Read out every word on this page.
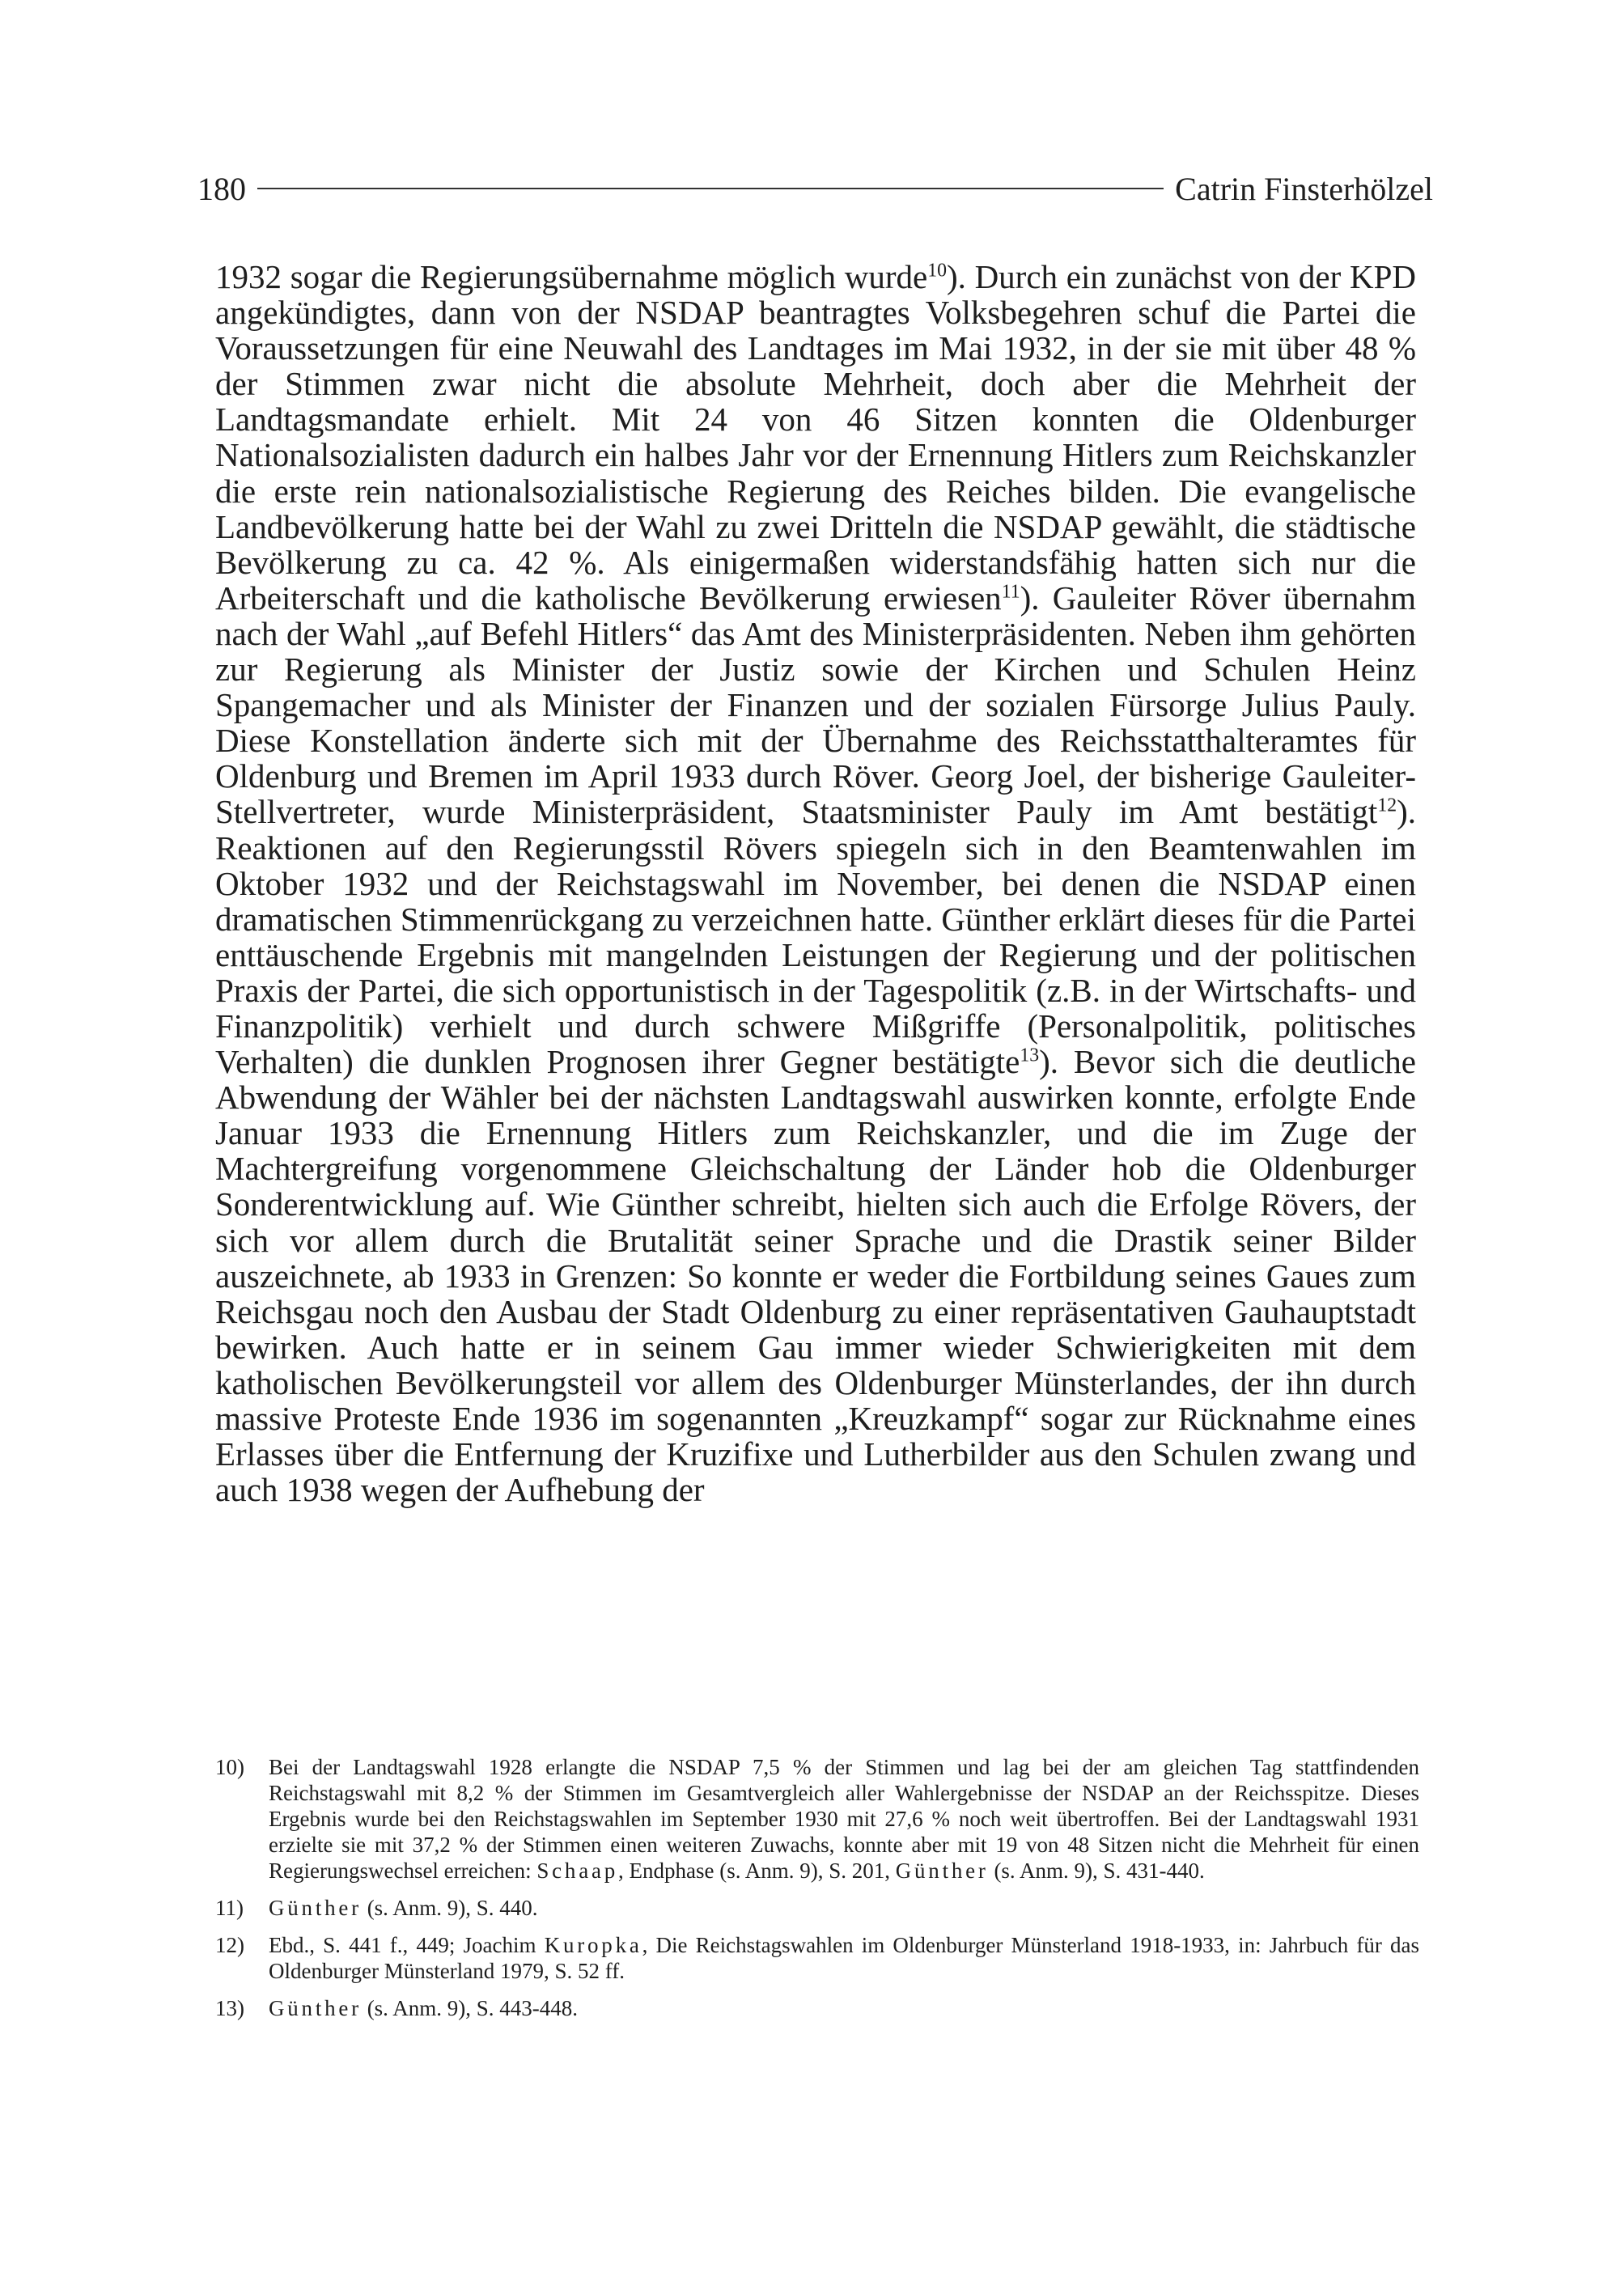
180	Catrin Finsterhölzel

1932 sogar die Regierungsübernahme möglich wurde$^{10}$). Durch ein zunächst von der KPD angekündigtes, dann von der NSDAP beantragtes Volksbegehren schuf die Partei die Voraussetzungen für eine Neuwahl des Landtages im Mai 1932, in der sie mit über 48 % der Stimmen zwar nicht die absolute Mehrheit, doch aber die Mehrheit der Landtagsmandate erhielt. Mit 24 von 46 Sitzen konnten die Oldenburger Nationalsozialisten dadurch ein halbes Jahr vor der Ernennung Hitlers zum Reichskanzler die erste rein nationalsozialistische Regierung des Reiches bilden. Die evangelische Landbevölkerung hatte bei der Wahl zu zwei Dritteln die NSDAP gewählt, die städtische Bevölkerung zu ca. 42 %. Als einigermaßen widerstandsfähig hatten sich nur die Arbeiterschaft und die katholische Bevölkerung erwiesen$^{11}$). Gauleiter Röver übernahm nach der Wahl „auf Befehl Hitlers“ das Amt des Ministerpräsidenten. Neben ihm gehörten zur Regierung als Minister der Justiz sowie der Kirchen und Schulen Heinz Spangemacher und als Minister der Finanzen und der sozialen Fürsorge Julius Pauly. Diese Konstellation änderte sich mit der Übernahme des Reichsstatthalteramtes für Oldenburg und Bremen im April 1933 durch Röver. Georg Joel, der bisherige Gauleiter-Stellvertreter, wurde Ministerpräsident, Staatsminister Pauly im Amt bestätigt$^{12}$). Reaktionen auf den Regierungsstil Rövers spiegeln sich in den Beamtenwahlen im Oktober 1932 und der Reichstagswahl im November, bei denen die NSDAP einen dramatischen Stimmenrückgang zu verzeichnen hatte. Günther erklärt dieses für die Partei enttäuschende Ergebnis mit mangelnden Leistungen der Regierung und der politischen Praxis der Partei, die sich opportunistisch in der Tagespolitik (z.B. in der Wirtschafts- und Finanzpolitik) verhielt und durch schwere Mißgriffe (Personalpolitik, politisches Verhalten) die dunklen Prognosen ihrer Gegner bestätigte$^{13}$). Bevor sich die deutliche Abwendung der Wähler bei der nächsten Landtagswahl auswirken konnte, erfolgte Ende Januar 1933 die Ernennung Hitlers zum Reichskanzler, und die im Zuge der Machtergreifung vorgenommene Gleichschaltung der Länder hob die Oldenburger Sonderentwicklung auf. Wie Günther schreibt, hielten sich auch die Erfolge Rövers, der sich vor allem durch die Brutalität seiner Sprache und die Drastik seiner Bilder auszeichnete, ab 1933 in Grenzen: So konnte er weder die Fortbildung seines Gaues zum Reichsgau noch den Ausbau der Stadt Oldenburg zu einer repräsentativen Gauhauptstadt bewirken. Auch hatte er in seinem Gau immer wieder Schwierigkeiten mit dem katholischen Bevölkerungsteil vor allem des Oldenburger Münsterlandes, der ihn durch massive Proteste Ende 1936 im sogenannten „Kreuzkampf“ sogar zur Rücknahme eines Erlasses über die Entfernung der Kruzifixe und Lutherbilder aus den Schulen zwang und auch 1938 wegen der Aufhebung der

10)	Bei der Landtagswahl 1928 erlangte die NSDAP 7,5 % der Stimmen und lag bei der am gleichen Tag stattfindenden Reichstagswahl mit 8,2 % der Stimmen im Gesamtvergleich aller Wahlergebnisse der NSDAP an der Reichsspitze. Dieses Ergebnis wurde bei den Reichstagswahlen im September 1930 mit 27,6 % noch weit übertroffen. Bei der Landtagswahl 1931 erzielte sie mit 37,2 % der Stimmen einen weiteren Zuwachs, konnte aber mit 19 von 48 Sitzen nicht die Mehrheit für einen Regierungswechsel erreichen: Schaap, Endphase (s. Anm. 9), S. 201, Günther (s. Anm. 9), S. 431-440.
11)	Günther (s. Anm. 9), S. 440.
12)	Ebd., S. 441 f., 449; Joachim Kuropka, Die Reichstagswahlen im Oldenburger Münsterland 1918-1933, in: Jahrbuch für das Oldenburger Münsterland 1979, S. 52 ff.
13)	Günther (s. Anm. 9), S. 443-448.
